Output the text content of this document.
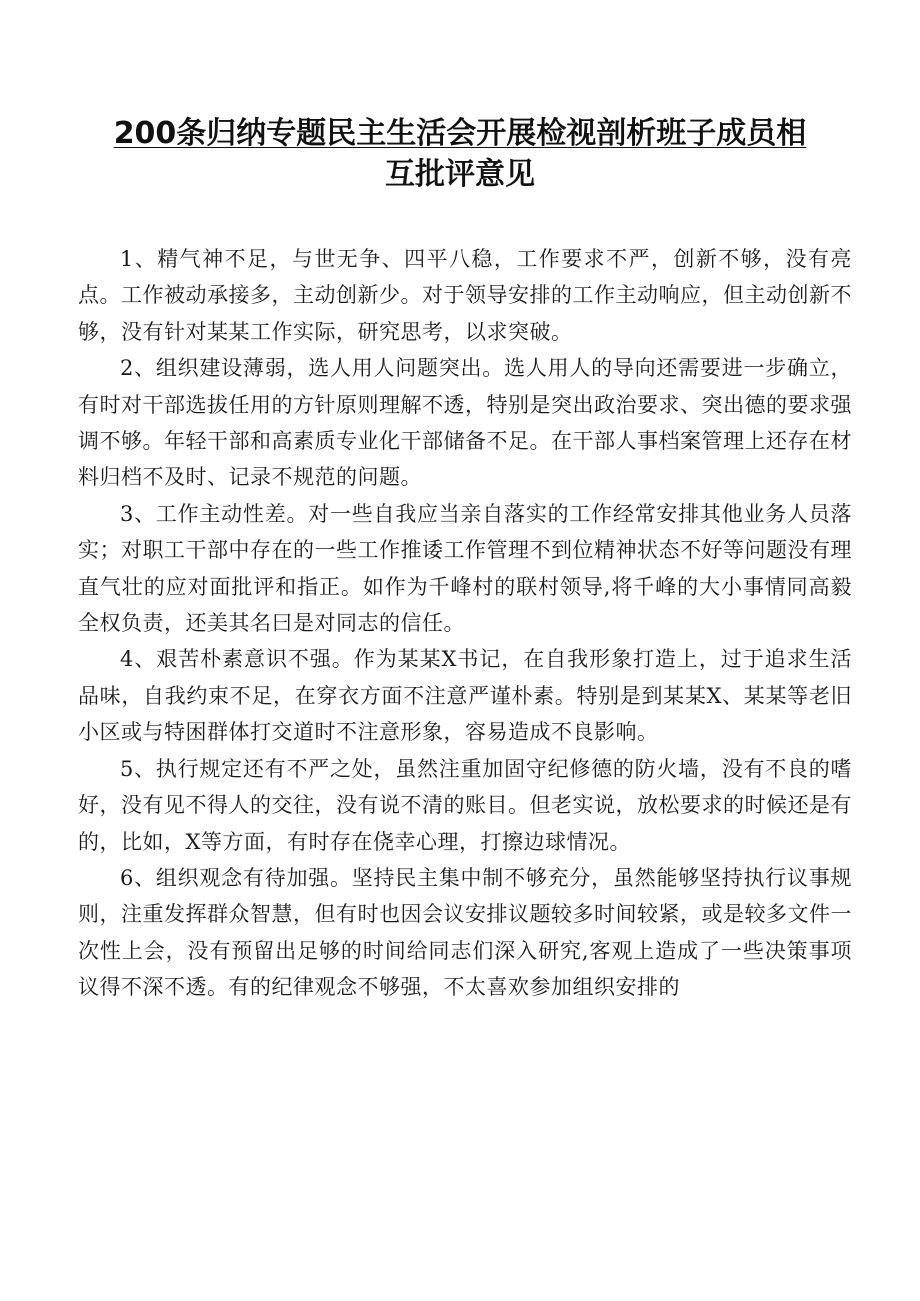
200条归纳专题民主生活会开展检视剖析班子成员相
互批评意见

1、精气神不足，与世无争、四平八稳，工作要求不严，创新不够，没有亮点。工作被动承接多，主动创新少。对于领导安排的工作主动响应，但主动创新不够，没有针对某某工作实际，研究思考，以求突破。

2、组织建设薄弱，选人用人问题突出。选人用人的导向还需要进一步确立，有时对干部选拔任用的方针原则理解不透，特别是突出政治要求、突出德的要求强调不够。年轻干部和高素质专业化干部储备不足。在干部人事档案管理上还存在材料归档不及时、记录不规范的问题。

3、工作主动性差。对一些自我应当亲自落实的工作经常安排其他业务人员落实；对职工干部中存在的一些工作推诿工作管理不到位精神状态不好等问题没有理直气壮的应对面批评和指正。如作为千峰村的联村领导,将千峰的大小事情同高毅全权负责，还美其名曰是对同志的信任。

4、艰苦朴素意识不强。作为某某X书记，在自我形象打造上，过于追求生活品味，自我约束不足，在穿衣方面不注意严谨朴素。特别是到某某X、某某等老旧小区或与特困群体打交道时不注意形象，容易造成不良影响。

5、执行规定还有不严之处，虽然注重加固守纪修德的防火墙，没有不良的嗜好，没有见不得人的交往，没有说不清的账目。但老实说，放松要求的时候还是有的，比如，X等方面，有时存在侥幸心理，打擦边球情况。

6、组织观念有待加强。坚持民主集中制不够充分，虽然能够坚持执行议事规则，注重发挥群众智慧，但有时也因会议安排议题较多时间较紧，或是较多文件一次性上会，没有预留出足够的时间给同志们深入研究,客观上造成了一些决策事项议得不深不透。有的纪律观念不够强，不太喜欢参加组织安排的
